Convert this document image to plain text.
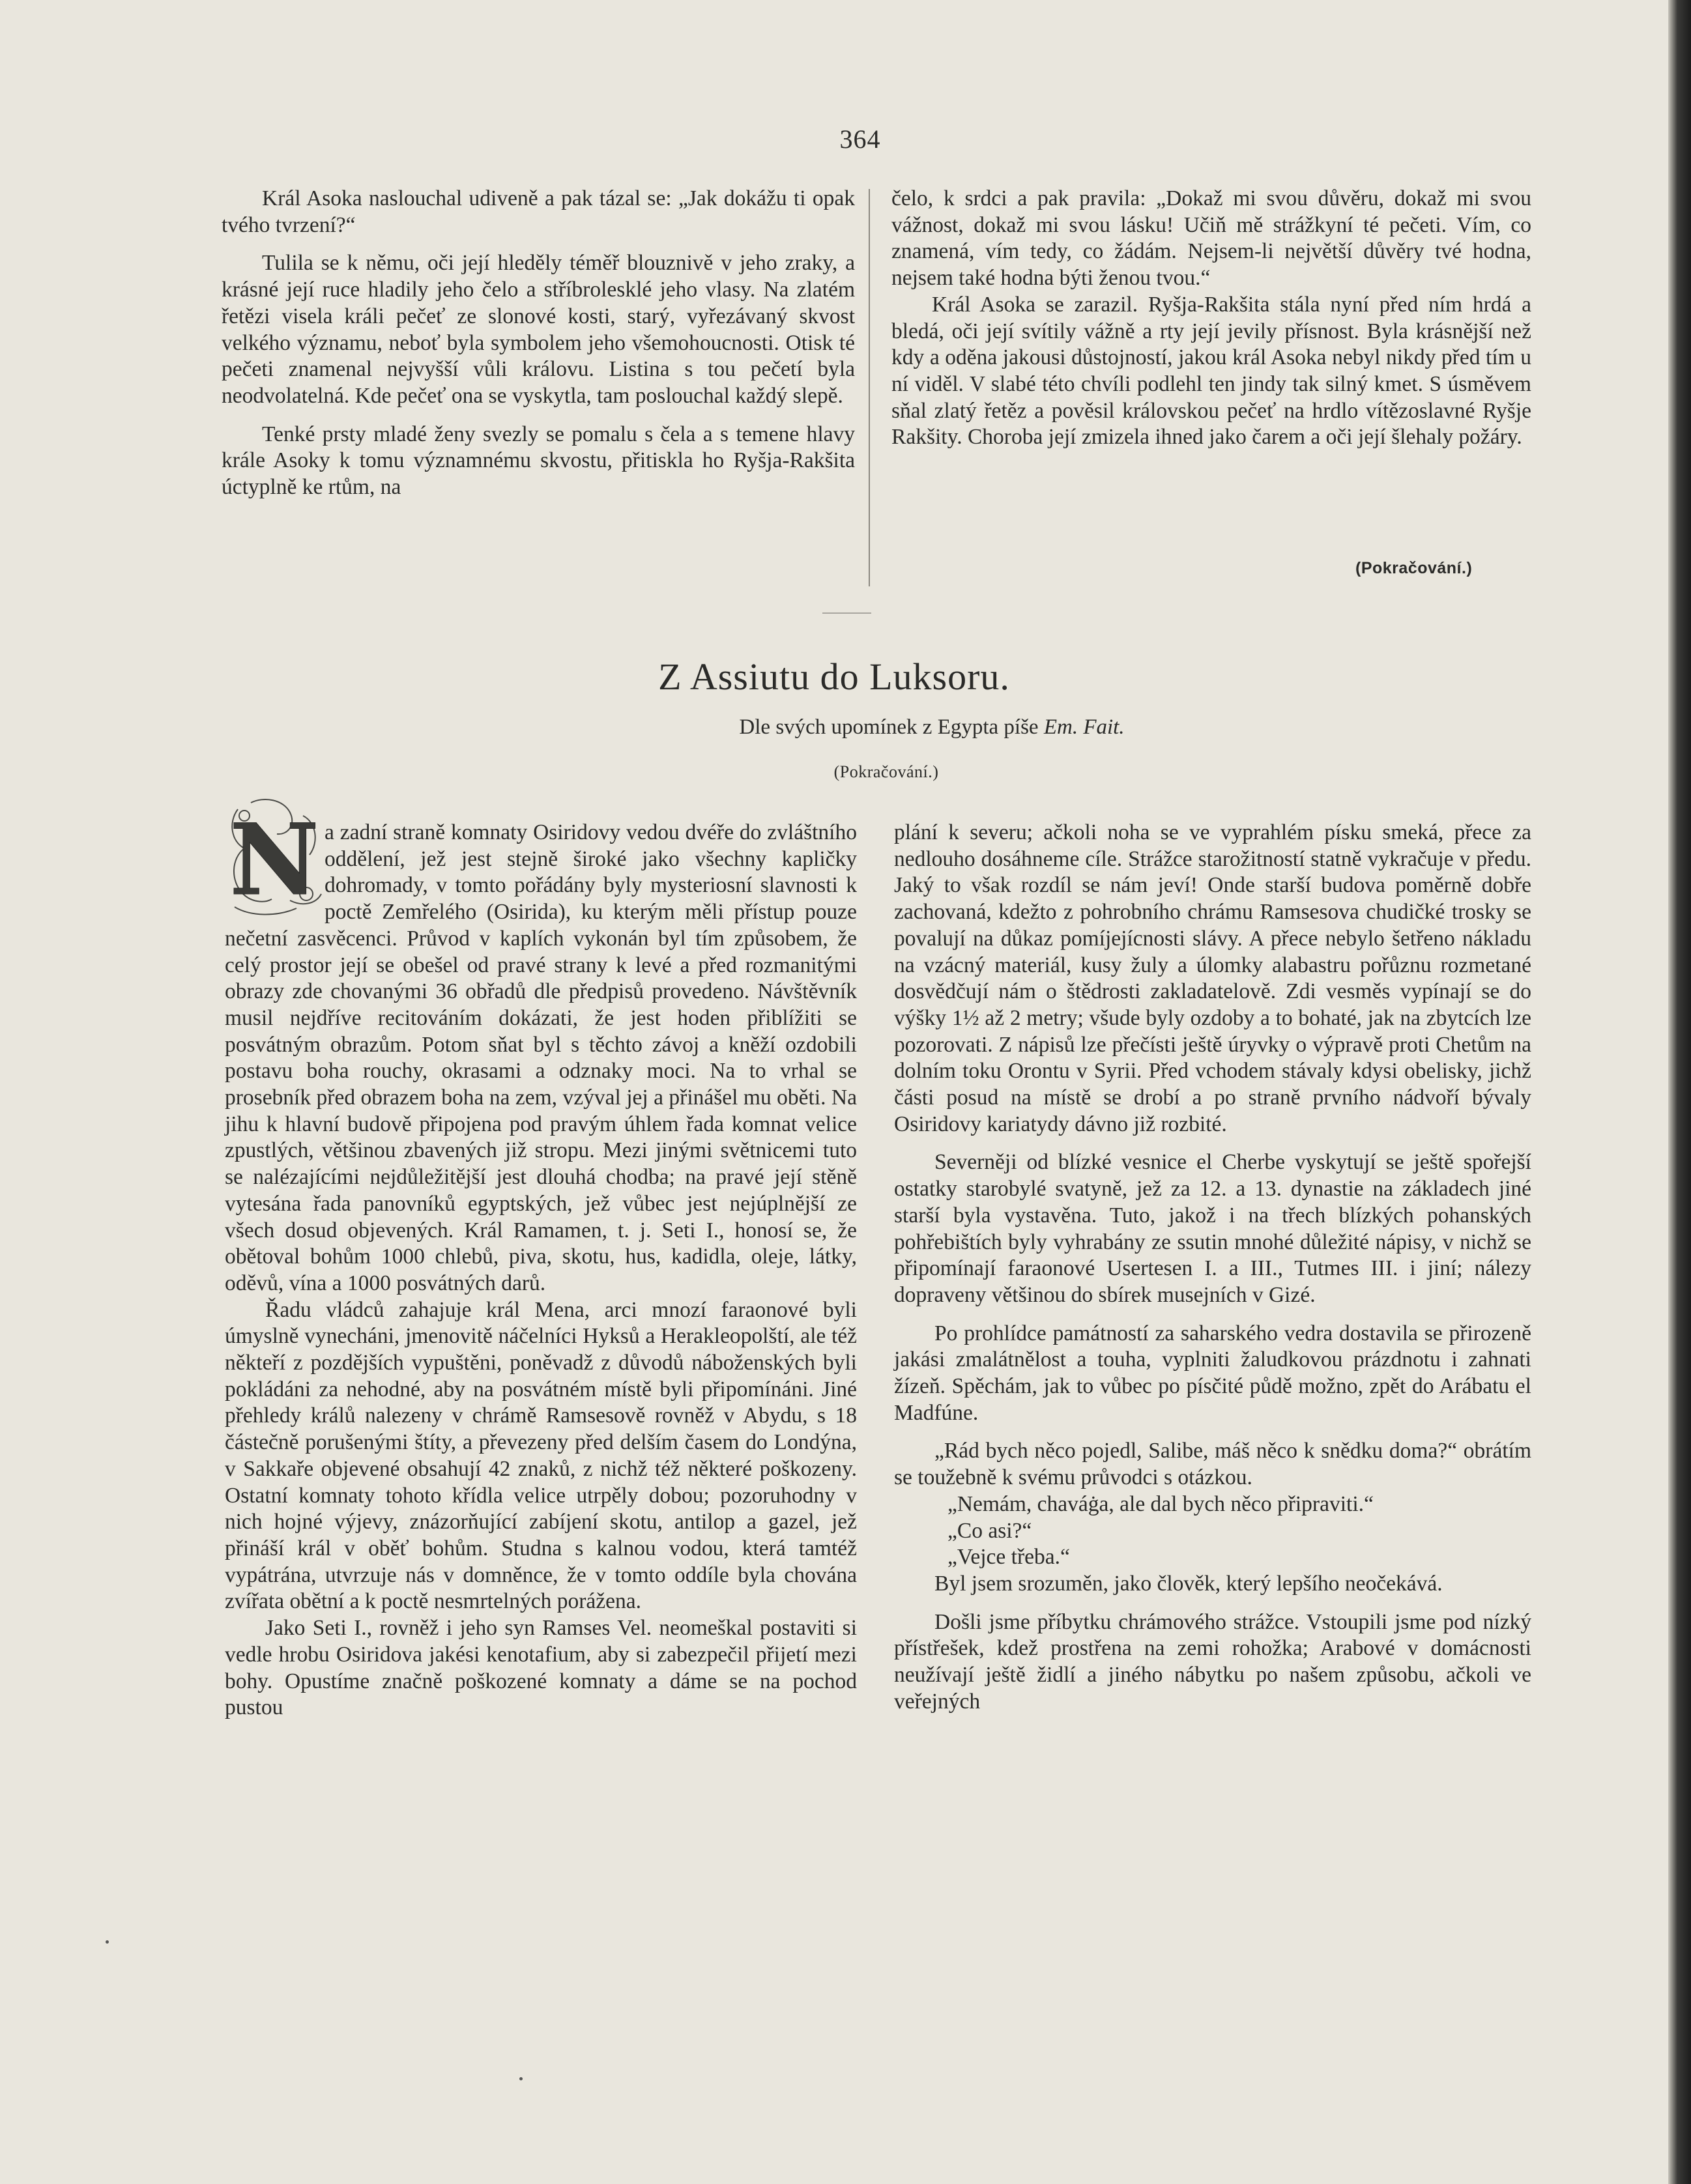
364

Král Asoka naslouchal udiveně a pak tázal se: „Jak dokážu ti opak tvého tvrzení?“

Tulila se k němu, oči její hleděly téměř blouznivě v jeho zraky, a krásné její ruce hladily jeho čelo a stříbrolesklé jeho vlasy. Na zlatém řetězi visela králi pečeť ze slonové kosti, starý, vyřezávaný skvost velkého významu, neboť byla symbolem jeho všemohoucnosti. Otisk té pečeti znamenal nejvyšší vůli královu. Listina s tou pečetí byla neodvolatelná. Kde pečeť ona se vyskytla, tam poslouchal každý slepě.

Tenké prsty mladé ženy svezly se pomalu s čela a s temene hlavy krále Asoky k tomu významnému skvostu, přitiskla ho Ryšja-Rakšita úctyplně ke rtům, na

čelo, k srdci a pak pravila: „Dokaž mi svou důvěru, dokaž mi svou vážnost, dokaž mi svou lásku! Učiň mě strážkyní té pečeti. Vím, co znamená, vím tedy, co žádám. Nejsem-li největší důvěry tvé hodna, nejsem také hodna býti ženou tvou.“

Král Asoka se zarazil. Ryšja-Rakšita stála nyní před ním hrdá a bledá, oči její svítily vážně a rty její jevily přísnost. Byla krásnější než kdy a oděna jakousi důstojností, jakou král Asoka nebyl nikdy před tím u ní viděl. V slabé této chvíli podlehl ten jindy tak silný kmet. S úsměvem sňal zlatý řetěz a pověsil královskou pečeť na hrdlo vítězoslavné Ryšje Rakšity. Choroba její zmizela ihned jako čarem a oči její šlehaly požáry.

(Pokračování.)
Z Assiutu do Luksoru.
Dle svých upomínek z Egypta píše Em. Fait.
(Pokračování.)
N a zadní straně komnaty Osiridovy vedou dvéře do zvláštního oddělení, jež jest stejně široké jako všechny kapličky dohromady, v tomto pořádány byly mysteriosní slavnosti k poctě Zemřelého (Osirida), ku kterým měli přístup pouze nečetní zasvěcenci. Průvod v kaplích vykonán byl tím způsobem, že celý prostor její se obešel od pravé strany k levé a před rozmanitými obrazy zde chovanými 36 obřadů dle předpisů provedeno. Návštěvník musil nejdříve recitováním dokázati, že jest hoden přiblížiti se posvátným obrazům. Potom sňat byl s těchto závoj a kněží ozdobili postavu boha rouchy, okrasami a odznaky moci. Na to vrhal se prosebník před obrazem boha na zem, vzýval jej a přinášel mu oběti. Na jihu k hlavní budově připojena pod pravým úhlem řada komnat velice zpustlých, většinou zbavených již stropu. Mezi jinými světnicemi tuto se nalézajícími nejdůležitější jest dlouhá chodba; na pravé její stěně vytesána řada panovníků egyptských, jež vůbec jest nejúplnější ze všech dosud objevených. Král Ramamen, t. j. Seti I., honosí se, že obětoval bohům 1000 chlebů, piva, skotu, hus, kadidla, oleje, látky, oděvů, vína a 1000 posvátných darů.

Řadu vládců zahajuje král Mena, arci mnozí faraonové byli úmyslně vynecháni, jmenovitě náčelníci Hyksů a Herakleopolští, ale též někteří z pozdějších vypuštěni, poněvadž z důvodů náboženských byli pokládáni za nehodné, aby na posvátném místě byli připomínáni. Jiné přehledy králů nalezeny v chrámě Ramsesově rovněž v Abydu, s 18 částečně porušenými štíty, a převezeny před delším časem do Londýna, v Sakkaře objevené obsahují 42 znaků, z nichž též některé poškozeny. Ostatní komnaty tohoto křídla velice utrpěly dobou; pozoruhodny v nich hojné výjevy, znázorňující zabíjení skotu, antilop a gazel, jež přináší král v oběť bohům. Studna s kalnou vodou, která tamtéž vypátrána, utvrzuje nás v domněnce, že v tomto oddíle byla chována zvířata obětní a k poctě nesmrtelných porážena.

Jako Seti I., rovněž i jeho syn Ramses Vel. neomeškal postaviti si vedle hrobu Osiridova jakési kenotafium, aby si zabezpečil přijetí mezi bohy. Opustíme značně poškozené komnaty a dáme se na pochod pustou

plání k severu; ačkoli noha se ve vyprahlém písku smeká, přece za nedlouho dosáhneme cíle. Strážce starožitností statně vykračuje v předu. Jaký to však rozdíl se nám jeví! Onde starší budova poměrně dobře zachovaná, kdežto z pohrobního chrámu Ramsesova chudičké trosky se povalují na důkaz pomíjejícnosti slávy. A přece nebylo šetřeno nákladu na vzácný materiál, kusy žuly a úlomky alabastru pořůznu rozmetané dosvědčují nám o štědrosti zakladatelově. Zdi vesměs vypínají se do výšky 1½ až 2 metry; všude byly ozdoby a to bohaté, jak na zbytcích lze pozorovati. Z nápisů lze přečísti ještě úryvky o výpravě proti Chetům na dolním toku Orontu v Syrii. Před vchodem stávaly kdysi obelisky, jichž části posud na místě se drobí a po straně prvního nádvoří bývaly Osiridovy kariatydy dávno již rozbité.

Severněji od blízké vesnice el Cherbe vyskytují se ještě spořejší ostatky starobylé svatyně, jež za 12. a 13. dynastie na základech jiné starší byla vystavěna. Tuto, jakož i na třech blízkých pohanských pohřebištích byly vyhrabány ze ssutin mnohé důležité nápisy, v nichž se připomínají faraonové Usertesen I. a III., Tutmes III. i jiní; nálezy dopraveny většinou do sbírek musejních v Gizé.

Po prohlídce památností za saharského vedra dostavila se přirozeně jakási zmalátnělost a touha, vyplniti žaludkovou prázdnotu i zahnati žízeň. Spěchám, jak to vůbec po písčité půdě možno, zpět do Arábatu el Madfúne.

„Rád bych něco pojedl, Salibe, máš něco k snědku doma?“ obrátím se toužebně k svému průvodci s otázkou.

„Nemám, chaváġa, ale dal bych něco připraviti.“

„Co asi?“

„Vejce třeba.“

Byl jsem srozuměn, jako člověk, který lepšího neočekává.

Došli jsme příbytku chrámového strážce. Vstoupili jsme pod nízký přístřešek, kdež prostřena na zemi rohožka; Arabové v domácnosti neužívají ještě židlí a jiného nábytku po našem způsobu, ačkoli ve veřejných
